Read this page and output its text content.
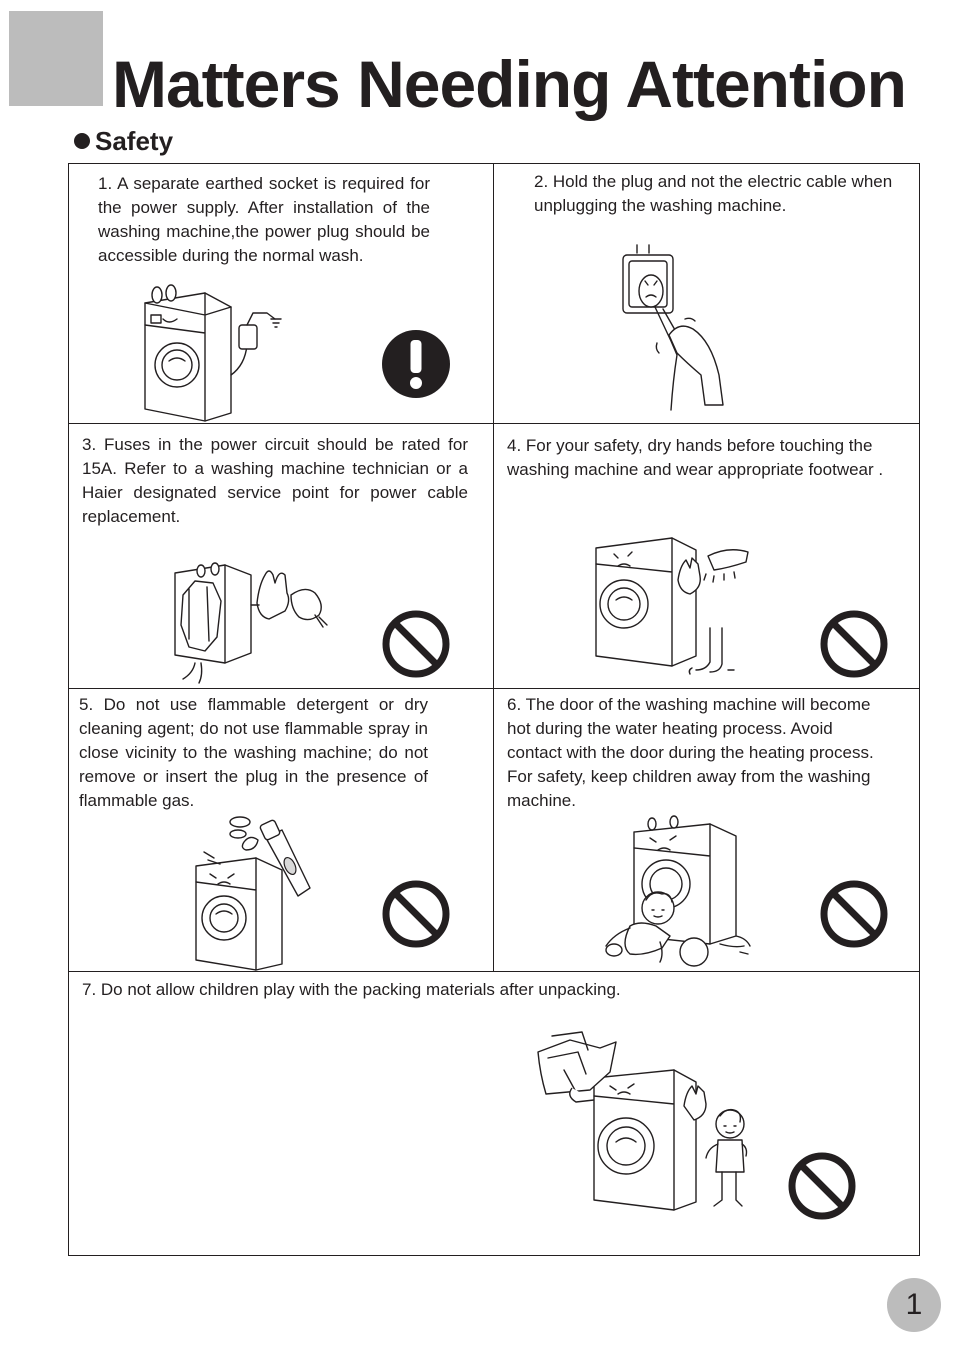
Matters Needing Attention
Safety

1. A separate earthed socket is required for the power supply. After installation of the washing machine,the power plug should be accessible during the normal wash.

2. Hold the plug and not the electric cable when unplugging the washing machine.

3. Fuses in the power circuit should be rated for 15A. Refer to a washing machine technician or a Haier designated service point for power cable replacement.

4. For your safety, dry hands before touching the washing machine and wear appropriate footwear .

5. Do not use flammable detergent or dry cleaning agent; do not use flammable spray in close vicinity to the washing machine; do not remove or insert the plug in the presence of flammable gas.

6. The door of the washing machine will become hot during the water heating process. Avoid contact with the door during the heating process. For safety, keep children away from the washing machine.

7. Do not allow children play with the packing materials after unpacking.

1
